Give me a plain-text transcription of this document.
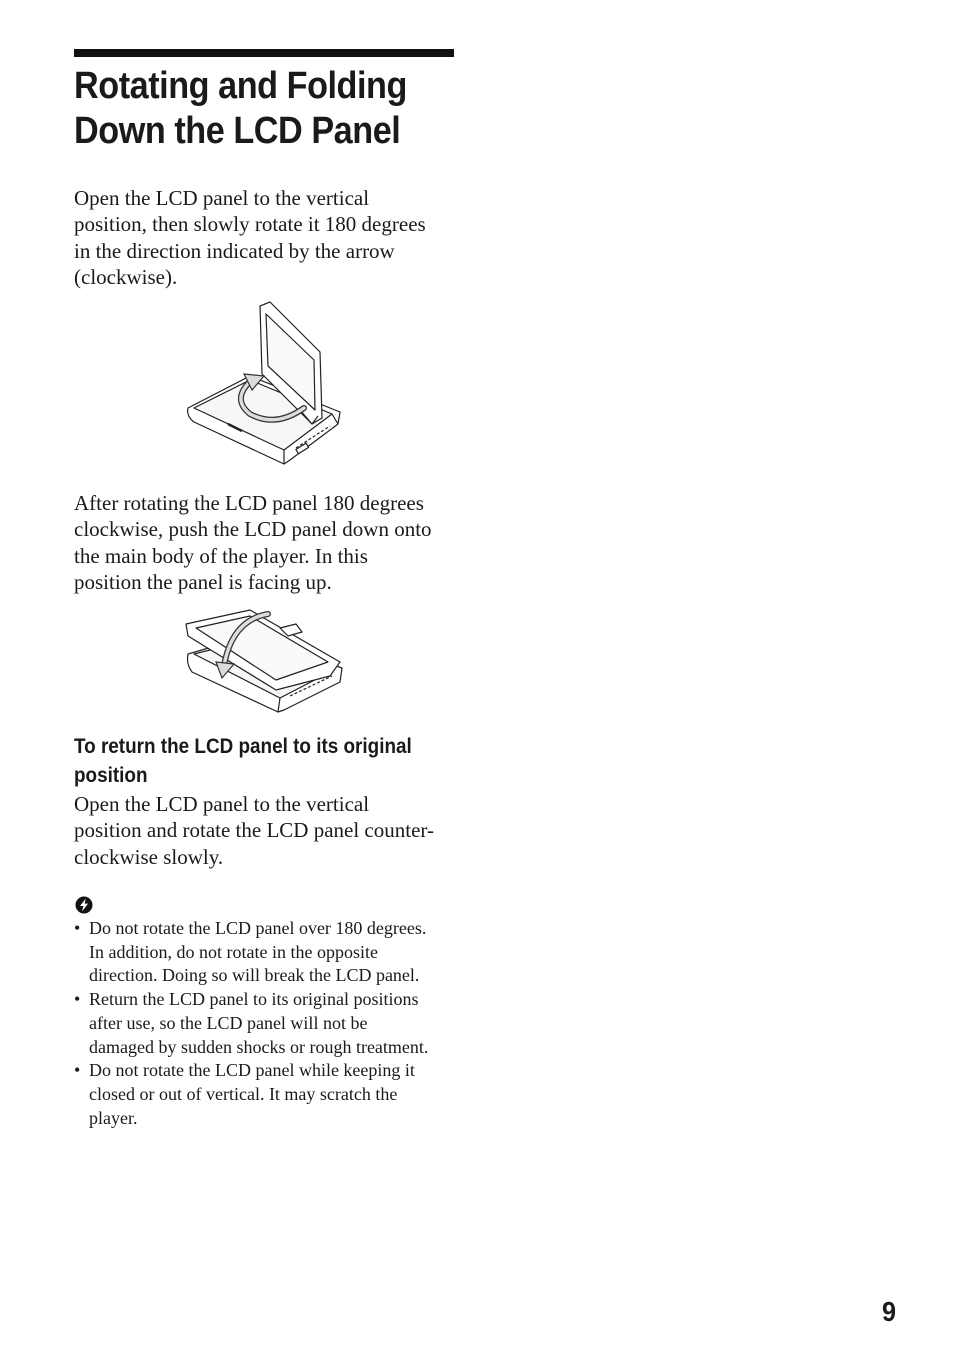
Rotating and Folding
Down the LCD Panel

Open the LCD panel to the vertical
position, then slowly rotate it 180 degrees
in the direction indicated by the arrow
(clockwise).

After rotating the LCD panel 180 degrees
clockwise, push the LCD panel down onto
the main body of the player. In this
position the panel is facing up.

To return the LCD panel to its original
position

Open the LCD panel to the vertical
position and rotate the LCD panel counter-
clockwise slowly.

• Do not rotate the LCD panel over 180 degrees.
In addition, do not rotate in the opposite
direction. Doing so will break the LCD panel.
• Return the LCD panel to its original positions
after use, so the LCD panel will not be
damaged by sudden shocks or rough treatment.
• Do not rotate the LCD panel while keeping it
closed or out of vertical. It may scratch the
player.
9
